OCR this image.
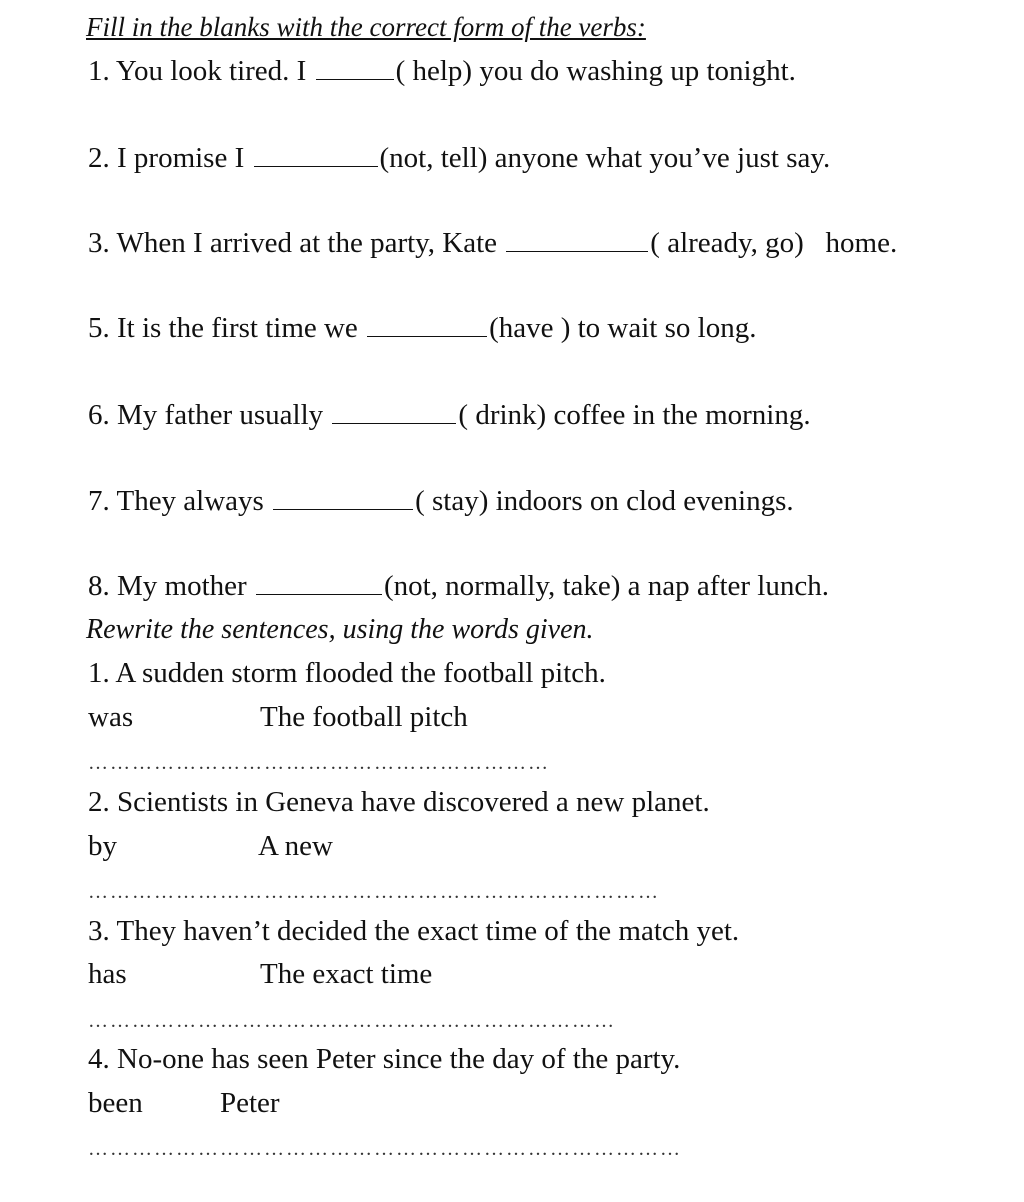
Fill in the blanks with the correct form of the verbs:
1. You look tired. I	( help) you do washing up tonight.
2. I promise I	(not, tell) anyone what you’ve just say.
3. When I arrived at the party, Kate	( already, go)   home.
5. It is the first time we	(have ) to wait so long.
6. My father usually	( drink) coffee in the morning.
7. They always	( stay) indoors on clod evenings.
8. My mother	(not, normally, take) a nap after lunch.
Rewrite the sentences, using the words given.
1. A sudden storm flooded the football pitch.
was	The football pitch
………………………………………………………
2. Scientists in Geneva have discovered a new planet.
by	A new
……………………………………………………………………
3. They haven’t decided the exact time of the match yet.
has	The exact time
………………………………………………………………
4. No-one has seen Peter since the day of the party.
been	Peter
………………………………………………………………………
